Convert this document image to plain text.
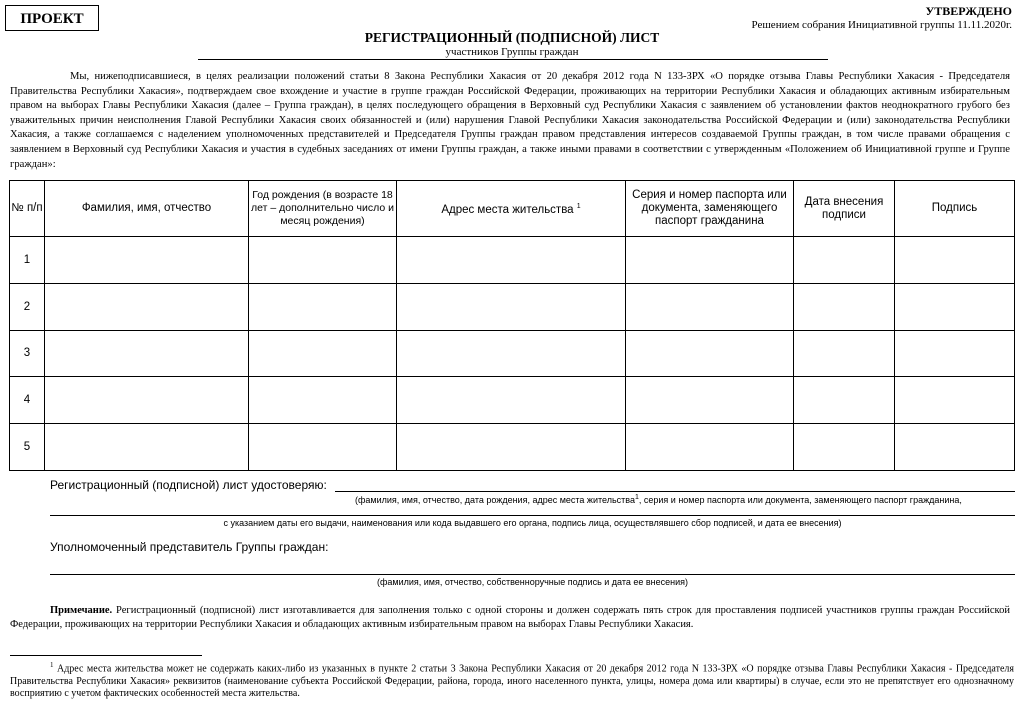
ПРОЕКТ	УТВЕРЖДЕНО
Решением собрания Инициативной группы 11.11.2020г.
РЕГИСТРАЦИОННЫЙ (ПОДПИСНОЙ) ЛИСТ
участников Группы граждан
Мы, нижеподписавшиеся, в целях реализации положений статьи 8 Закона Республики Хакасия от 20 декабря 2012 года N 133-ЗРХ «О порядке отзыва Главы Республики Хакасия - Председателя Правительства Республики Хакасия», подтверждаем свое вхождение и участие в группе граждан Российской Федерации, проживающих на территории Республики Хакасия и обладающих активным избирательным правом на выборах Главы Республики Хакасия (далее – Группа граждан), в целях последующего обращения в Верховный суд Республики Хакасия с заявлением об установлении фактов неоднократного грубого без уважительных причин неисполнения Главой Республики Хакасия своих обязанностей и (или) нарушения Главой Республики Хакасия законодательства Российской Федерации и (или) законодательства Республики Хакасия, а также соглашаемся с наделением уполномоченных представителей и Председателя Группы граждан правом представления интересов создаваемой Группы граждан, в том числе правами обращения с заявлением в Верховный суд Республики Хакасия и участия в судебных заседаниях от имени Группы граждан, а также иными правами в соответствии с утвержденным «Положением об Инициативной группе и Группе граждан»:
№ п/п	Фамилия, имя, отчество	Год рождения (в возрасте 18 лет – дополнительно число и месяц рождения)	Адрес места жительства $^1$	Серия и номер паспорта или документа, заменяющего паспорт гражданина	Дата внесения подписи	Подпись
1						
2						
3						
4						
5						
Регистрационный (подписной) лист удостоверяю:
(фамилия, имя, отчество, дата рождения, адрес места жительства$^1$, серия и номер паспорта или документа, заменяющего паспорт гражданина,
с указанием даты его выдачи, наименования или кода выдавшего его органа, подпись лица, осуществлявшего сбор подписей, и дата ее внесения)
Уполномоченный представитель Группы граждан:
(фамилия, имя, отчество, собственноручные подпись и дата ее внесения)
Примечание. Регистрационный (подписной) лист изготавливается для заполнения только с одной стороны и должен содержать пять строк для проставления подписей участников группы граждан Российской Федерации, проживающих на территории Республики Хакасия и обладающих активным избирательным правом на выборах Главы Республики Хакасия.
$^1$ Адрес места жительства может не содержать каких-либо из указанных в пункте 2 статьи 3 Закона Республики Хакасия от 20 декабря 2012 года N 133-ЗРХ «О порядке отзыва Главы Республики Хакасия - Председателя Правительства Республики Хакасия» реквизитов (наименование субъекта Российской Федерации, района, города, иного населенного пункта, улицы, номера дома или квартиры) в случае, если это не препятствует его однозначному восприятию с учетом фактических особенностей места жительства.
